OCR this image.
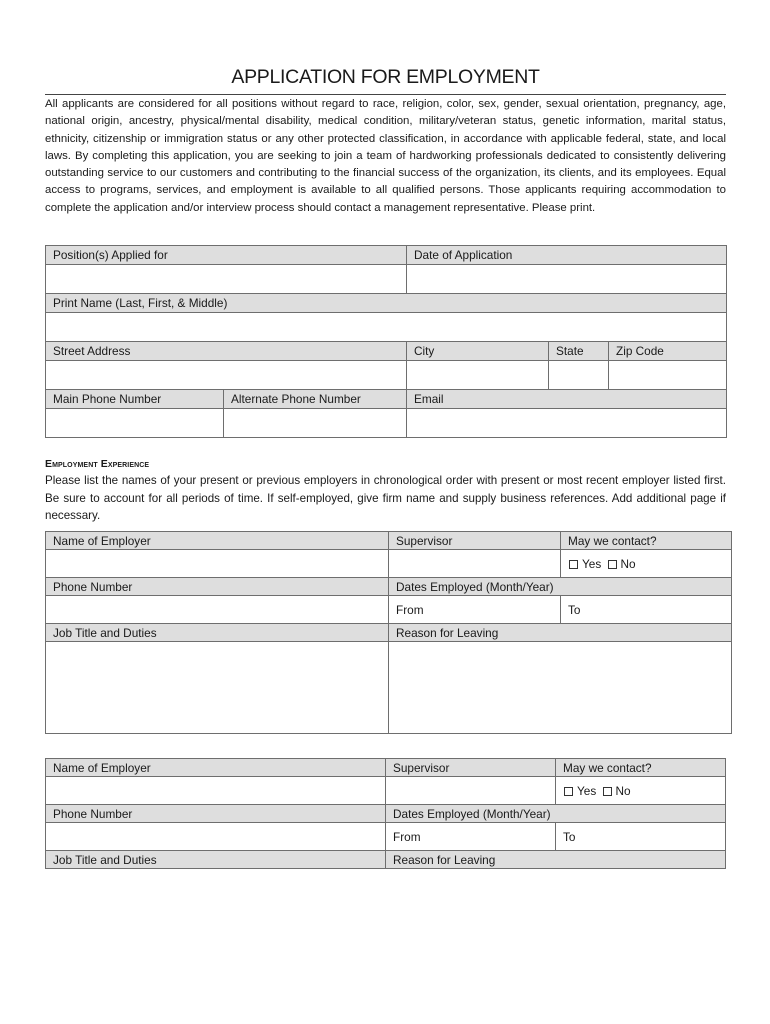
APPLICATION FOR EMPLOYMENT

All applicants are considered for all positions without regard to race, religion, color, sex, gender, sexual orientation, pregnancy, age, national origin, ancestry, physical/mental disability, medical condition, military/veteran status, genetic information, marital status, ethnicity, citizenship or immigration status or any other protected classification, in accordance with applicable federal, state, and local laws. By completing this application, you are seeking to join a team of hardworking professionals dedicated to consistently delivering outstanding service to our customers and contributing to the financial success of the organization, its clients, and its employees. Equal access to programs, services, and employment is available to all qualified persons. Those applicants requiring accommodation to complete the application and/or interview process should contact a management representative. Please print.

Position(s) Applied for		Date of Application		

Print Name (Last, First, & Middle)				

Street Address		City	State	Zip Code

Main Phone Number	Alternate Phone Number	Email		

Employment Experience

Please list the names of your present or previous employers in chronological order with present or most recent employer listed first. Be sure to account for all periods of time. If self-employed, give firm name and supply business references. Add additional page if necessary.

Name of Employer	Supervisor	May we contact?
		Yes No
Phone Number	Dates Employed (Month/Year)	
	From	To
Job Title and Duties	Reason for Leaving	

Name of Employer	Supervisor	May we contact?
		Yes No
Phone Number	Dates Employed (Month/Year)	
	From	To
Job Title and Duties	Reason for Leaving	
